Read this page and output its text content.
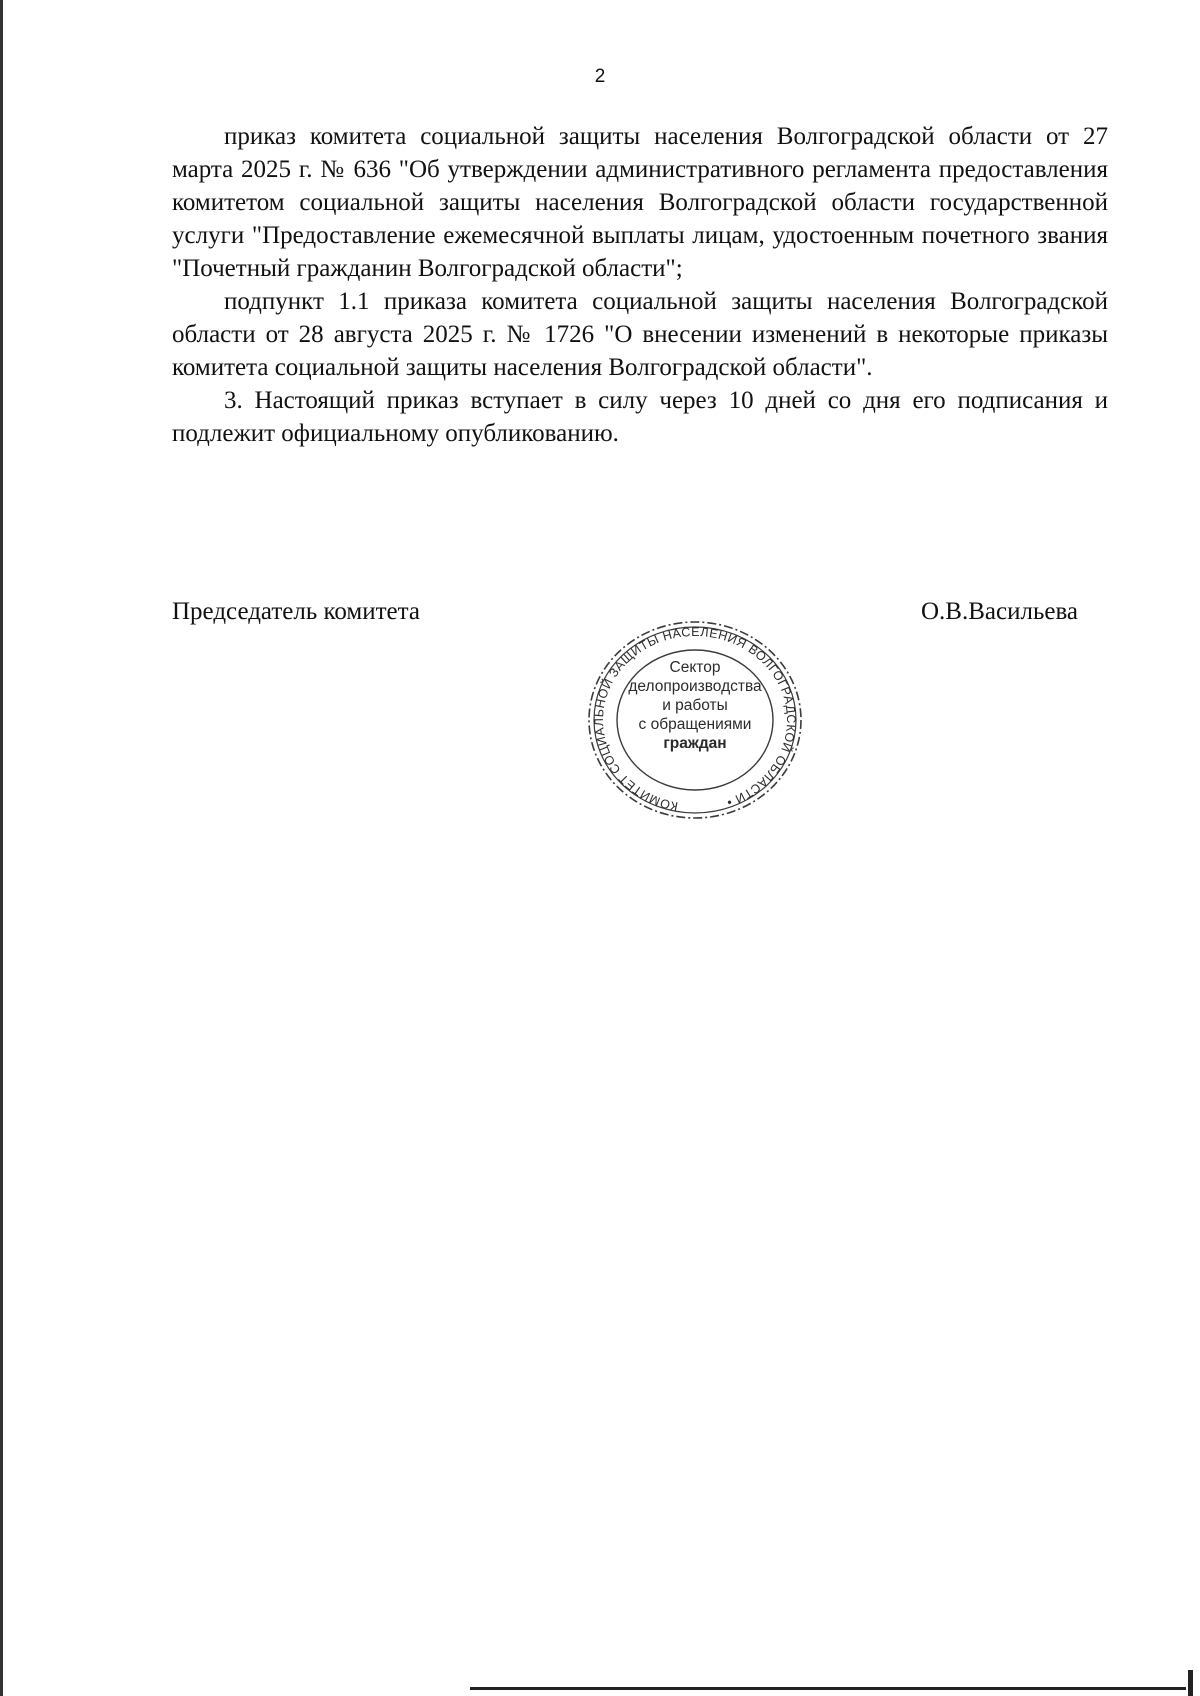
2

приказ комитета социальной защиты населения Волгоградской области от 27 марта 2025 г. № 636 "Об утверждении административного регламента предоставления комитетом социальной защиты населения Волгоградской области государственной услуги "Предоставление ежемесячной выплаты лицам, удостоенным почетного звания "Почетный гражданин Волгоградской области";

подпункт 1.1 приказа комитета социальной защиты населения Волгоградской области от 28 августа 2025 г. № 1726 "О внесении изменений в некоторые приказы комитета социальной защиты населения Волгоградской области".

3. Настоящий приказ вступает в силу через 10 дней со дня его подписания и подлежит официальному опубликованию.

Председатель комитета	О.В.Васильева
КОМИТЕТ СОЦИАЛЬНОЙ ЗАЩИТЫ НАСЕЛЕНИЯ ВОЛГОГРАДСКОЙ ОБЛАСТИ •
Сектор
делопроизводства
и работы
с обращениями
граждан
